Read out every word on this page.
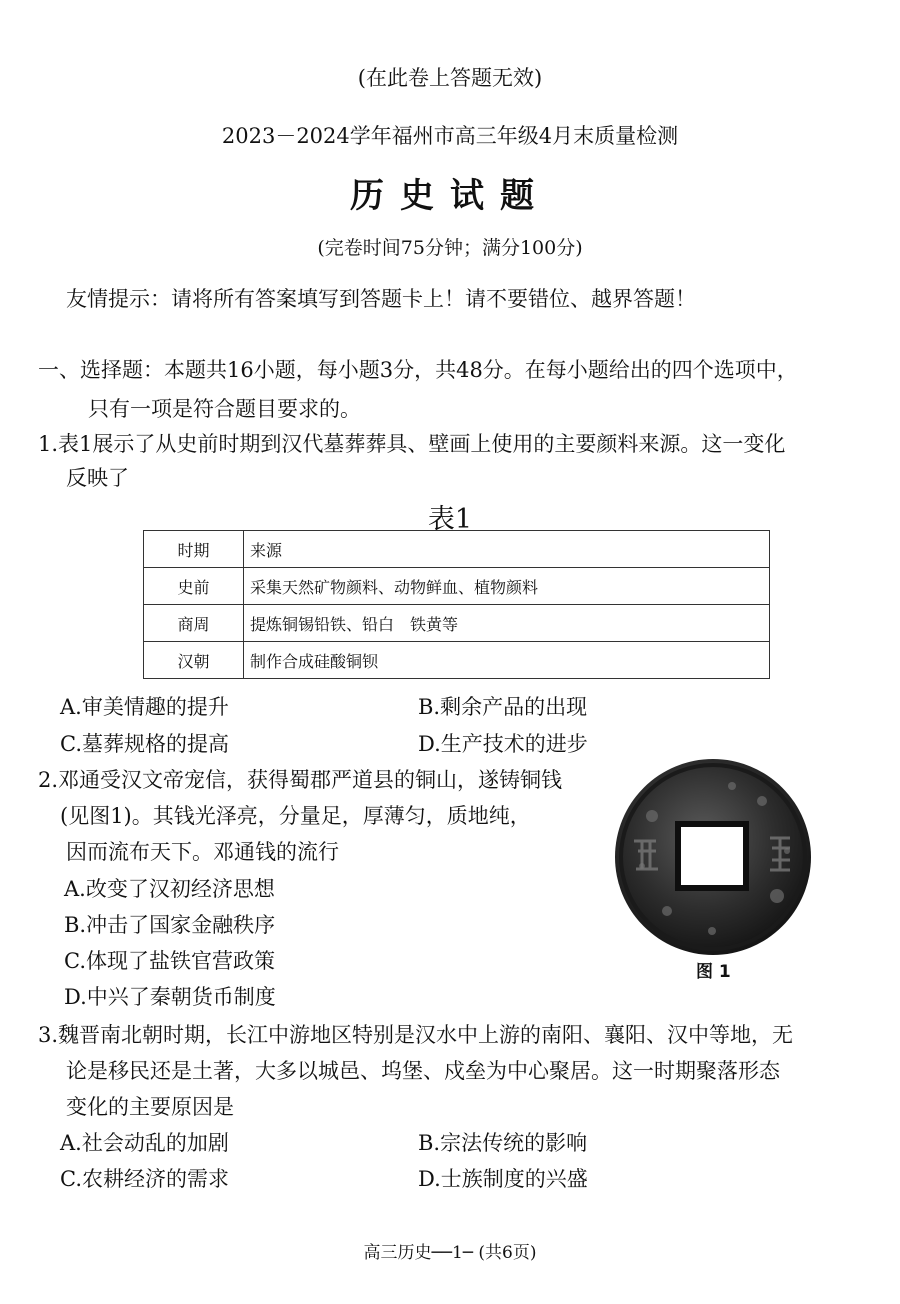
(在此卷上答题无效)
2023－2024学年福州市高三年级4月末质量检测
历史试题
(完卷时间75分钟；满分100分)
友情提示：请将所有答案填写到答题卡上！请不要错位、越界答题！
一、选择题：本题共16小题，每小题3分，共48分。在每小题给出的四个选项中，
只有一项是符合题目要求的。
1.表1展示了从史前时期到汉代墓葬葬具、壁画上使用的主要颜料来源。这一变化
反映了
表1
时期	来源
史前	采集天然矿物颜料、动物鲜血、植物颜料
商周	提炼铜锡铅铁、铅白　铁黄等
汉朝	制作合成硅酸铜钡
A.审美情趣的提升	B.剩余产品的出现
C.墓葬规格的提高	D.生产技术的进步
2.邓通受汉文帝宠信，获得蜀郡严道县的铜山，遂铸铜钱
(见图1)。其钱光泽亮，分量足，厚薄匀，质地纯，
因而流布天下。邓通钱的流行
A.改变了汉初经济思想
B.冲击了国家金融秩序
C.体现了盐铁官营政策
D.中兴了秦朝货币制度
图 1
3.魏晋南北朝时期，长江中游地区特别是汉水中上游的南阳、襄阳、汉中等地，无
论是移民还是土著，大多以城邑、坞堡、戍垒为中心聚居。这一时期聚落形态
变化的主要原因是
A.社会动乱的加剧	B.宗法传统的影响
C.农耕经济的需求	D.士族制度的兴盛
高三历史──1─ (共6页)
